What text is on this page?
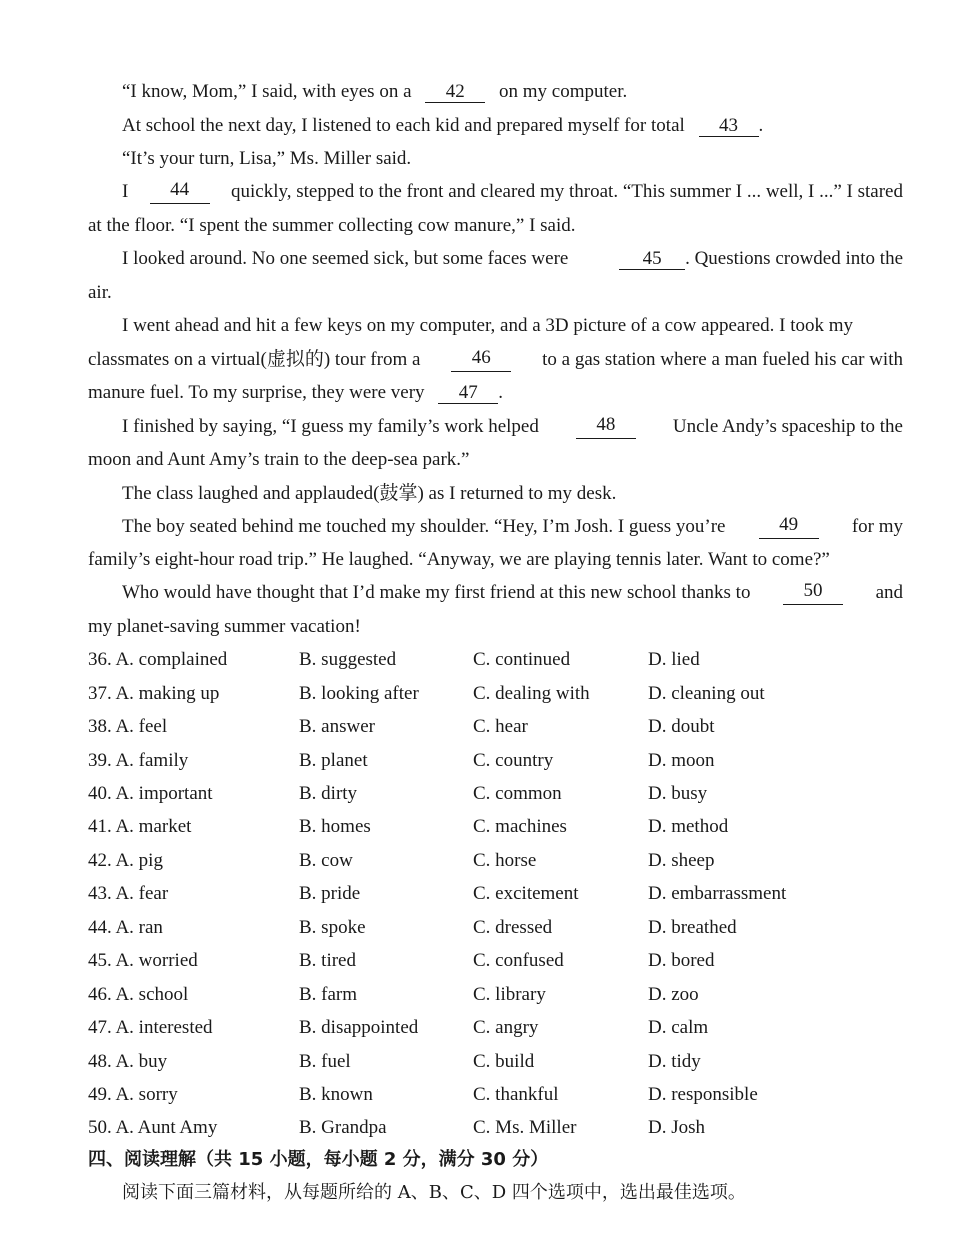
“I know, Mom,” I said, with eyes on a 42 on my computer.
At school the next day, I listened to each kid and prepared myself for total 43 .
“It’s your turn, Lisa,” Ms. Miller said.
I	44	quickly, stepped to the front and cleared my throat. “This summer I ... well, I ...” I stared
at the floor. “I spent the summer collecting cow manure,” I said.
I looked around. No one seemed sick, but some faces were	45 . Questions crowded into the
air.
I went ahead and hit a few keys on my computer, and a 3D picture of a cow appeared. I took my
classmates on a virtual(虚拟的) tour from a	46	to a gas station where a man fueled his car with
manure fuel. To my surprise, they were very 47 .
I finished by saying, “I guess my family’s work helped	48	Uncle Andy’s spaceship to the
moon and Aunt Amy’s train to the deep-sea park.”
The class laughed and applauded(鼓掌) as I returned to my desk.
The boy seated behind me touched my shoulder. “Hey, I’m Josh. I guess you’re	49	for my
family’s eight-hour road trip.” He laughed. “Anyway, we are playing tennis later. Want to come?”
Who would have thought that I’d make my first friend at this new school thanks to	50	and
my planet-saving summer vacation!
36. A. complained	B. suggested	C. continued	D. lied
37. A. making up	B. looking after	C. dealing with	D. cleaning out
38. A. feel	B. answer	C. hear	D. doubt
39. A. family	B. planet	C. country	D. moon
40. A. important	B. dirty	C. common	D. busy
41. A. market	B. homes	C. machines	D. method
42. A. pig	B. cow	C. horse	D. sheep
43. A. fear	B. pride	C. excitement	D. embarrassment
44. A. ran	B. spoke	C. dressed	D. breathed
45. A. worried	B. tired	C. confused	D. bored
46. A. school	B. farm	C. library	D. zoo
47. A. interested	B. disappointed	C. angry	D. calm
48. A. buy	B. fuel	C. build	D. tidy
49. A. sorry	B. known	C. thankful	D. responsible
50. A. Aunt Amy	B. Grandpa	C. Ms. Miller	D. Josh
四、阅读理解（共 15 小题，每小题 2 分，满分 30 分）
阅读下面三篇材料，从每题所给的 A、B、C、D 四个选项中，选出最佳选项。
